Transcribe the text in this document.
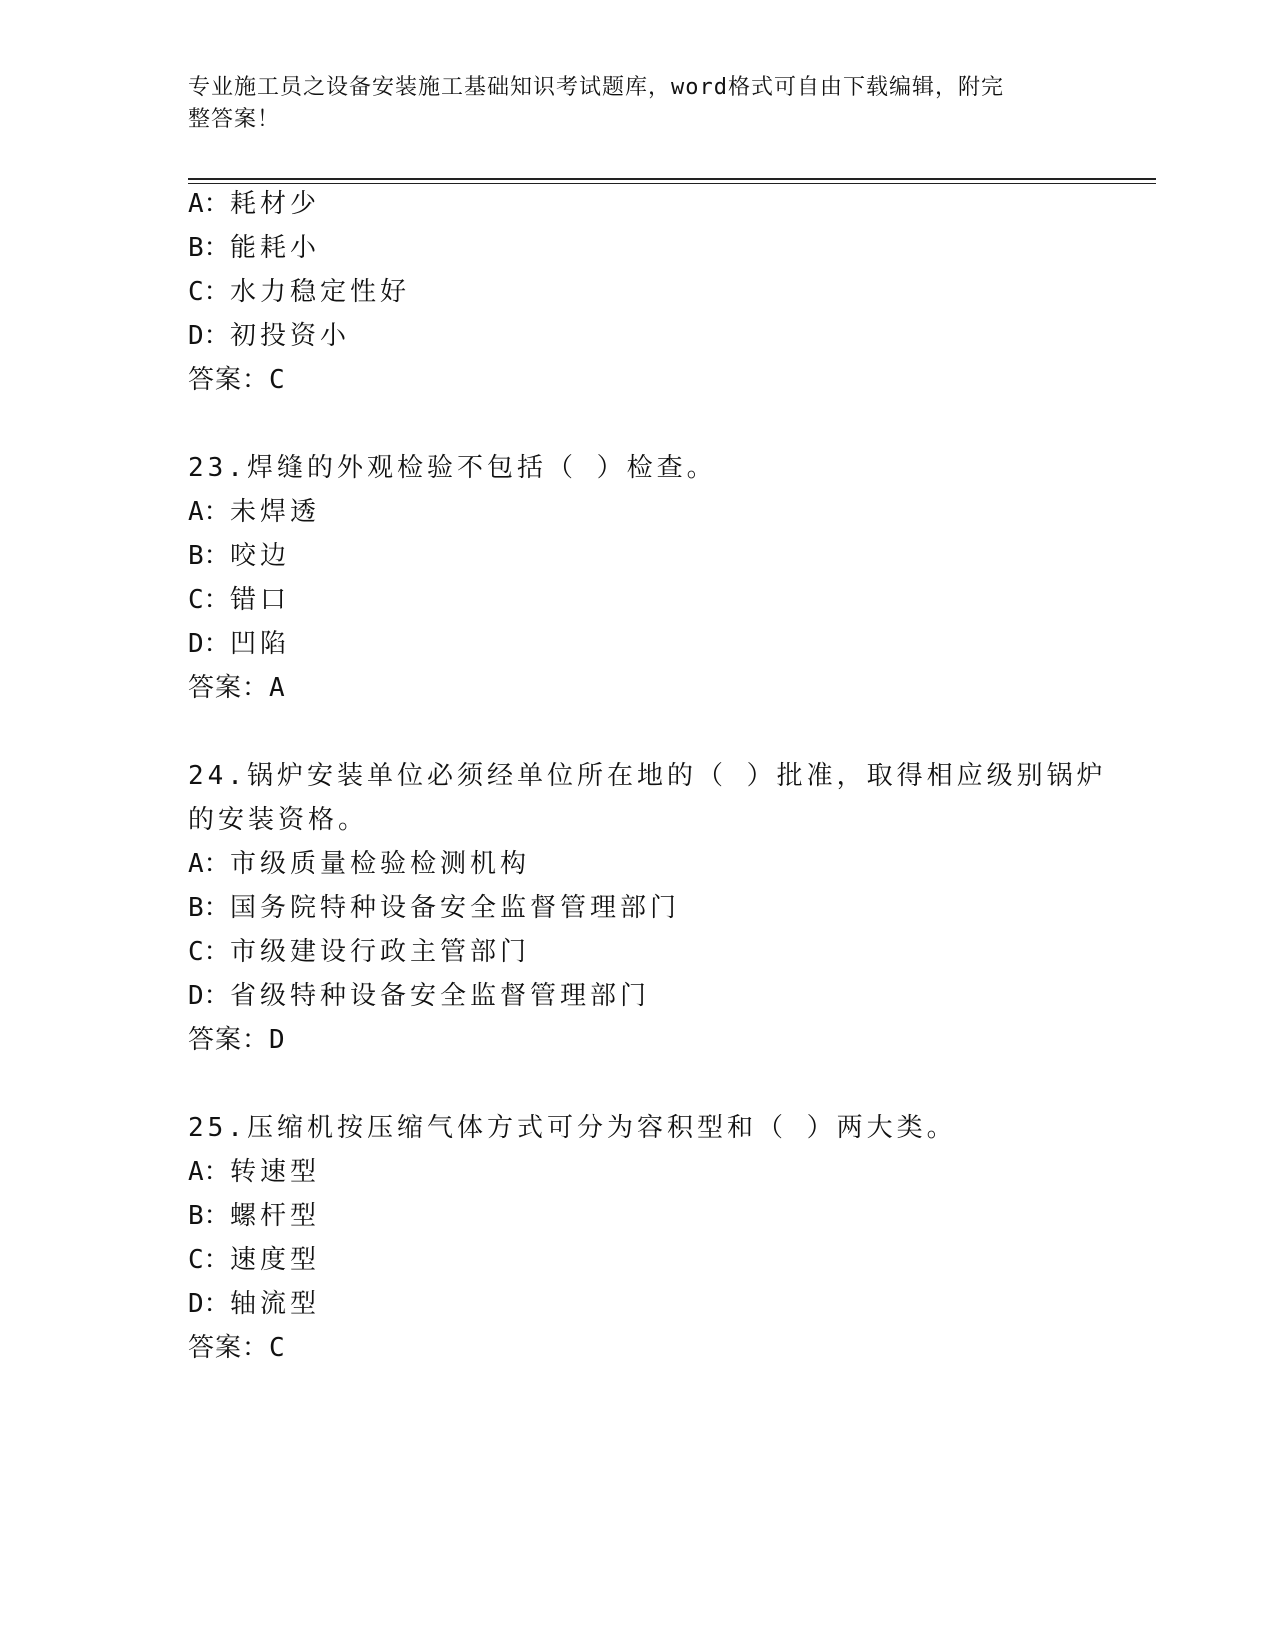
专业施工员之设备安装施工基础知识考试题库，word格式可自由下载编辑，附完
整答案！
A：耗材少
B：能耗小
C：水力稳定性好
D：初投资小
答案：C
23.焊缝的外观检验不包括（ ）检查。
A：未焊透
B：咬边
C：错口
D：凹陷
答案：A
24.锅炉安装单位必须经单位所在地的（ ）批准，取得相应级别锅炉
的安装资格。
A：市级质量检验检测机构
B：国务院特种设备安全监督管理部门
C：市级建设行政主管部门
D：省级特种设备安全监督管理部门
答案：D
25.压缩机按压缩气体方式可分为容积型和（ ）两大类。
A：转速型
B：螺杆型
C：速度型
D：轴流型
答案：C
